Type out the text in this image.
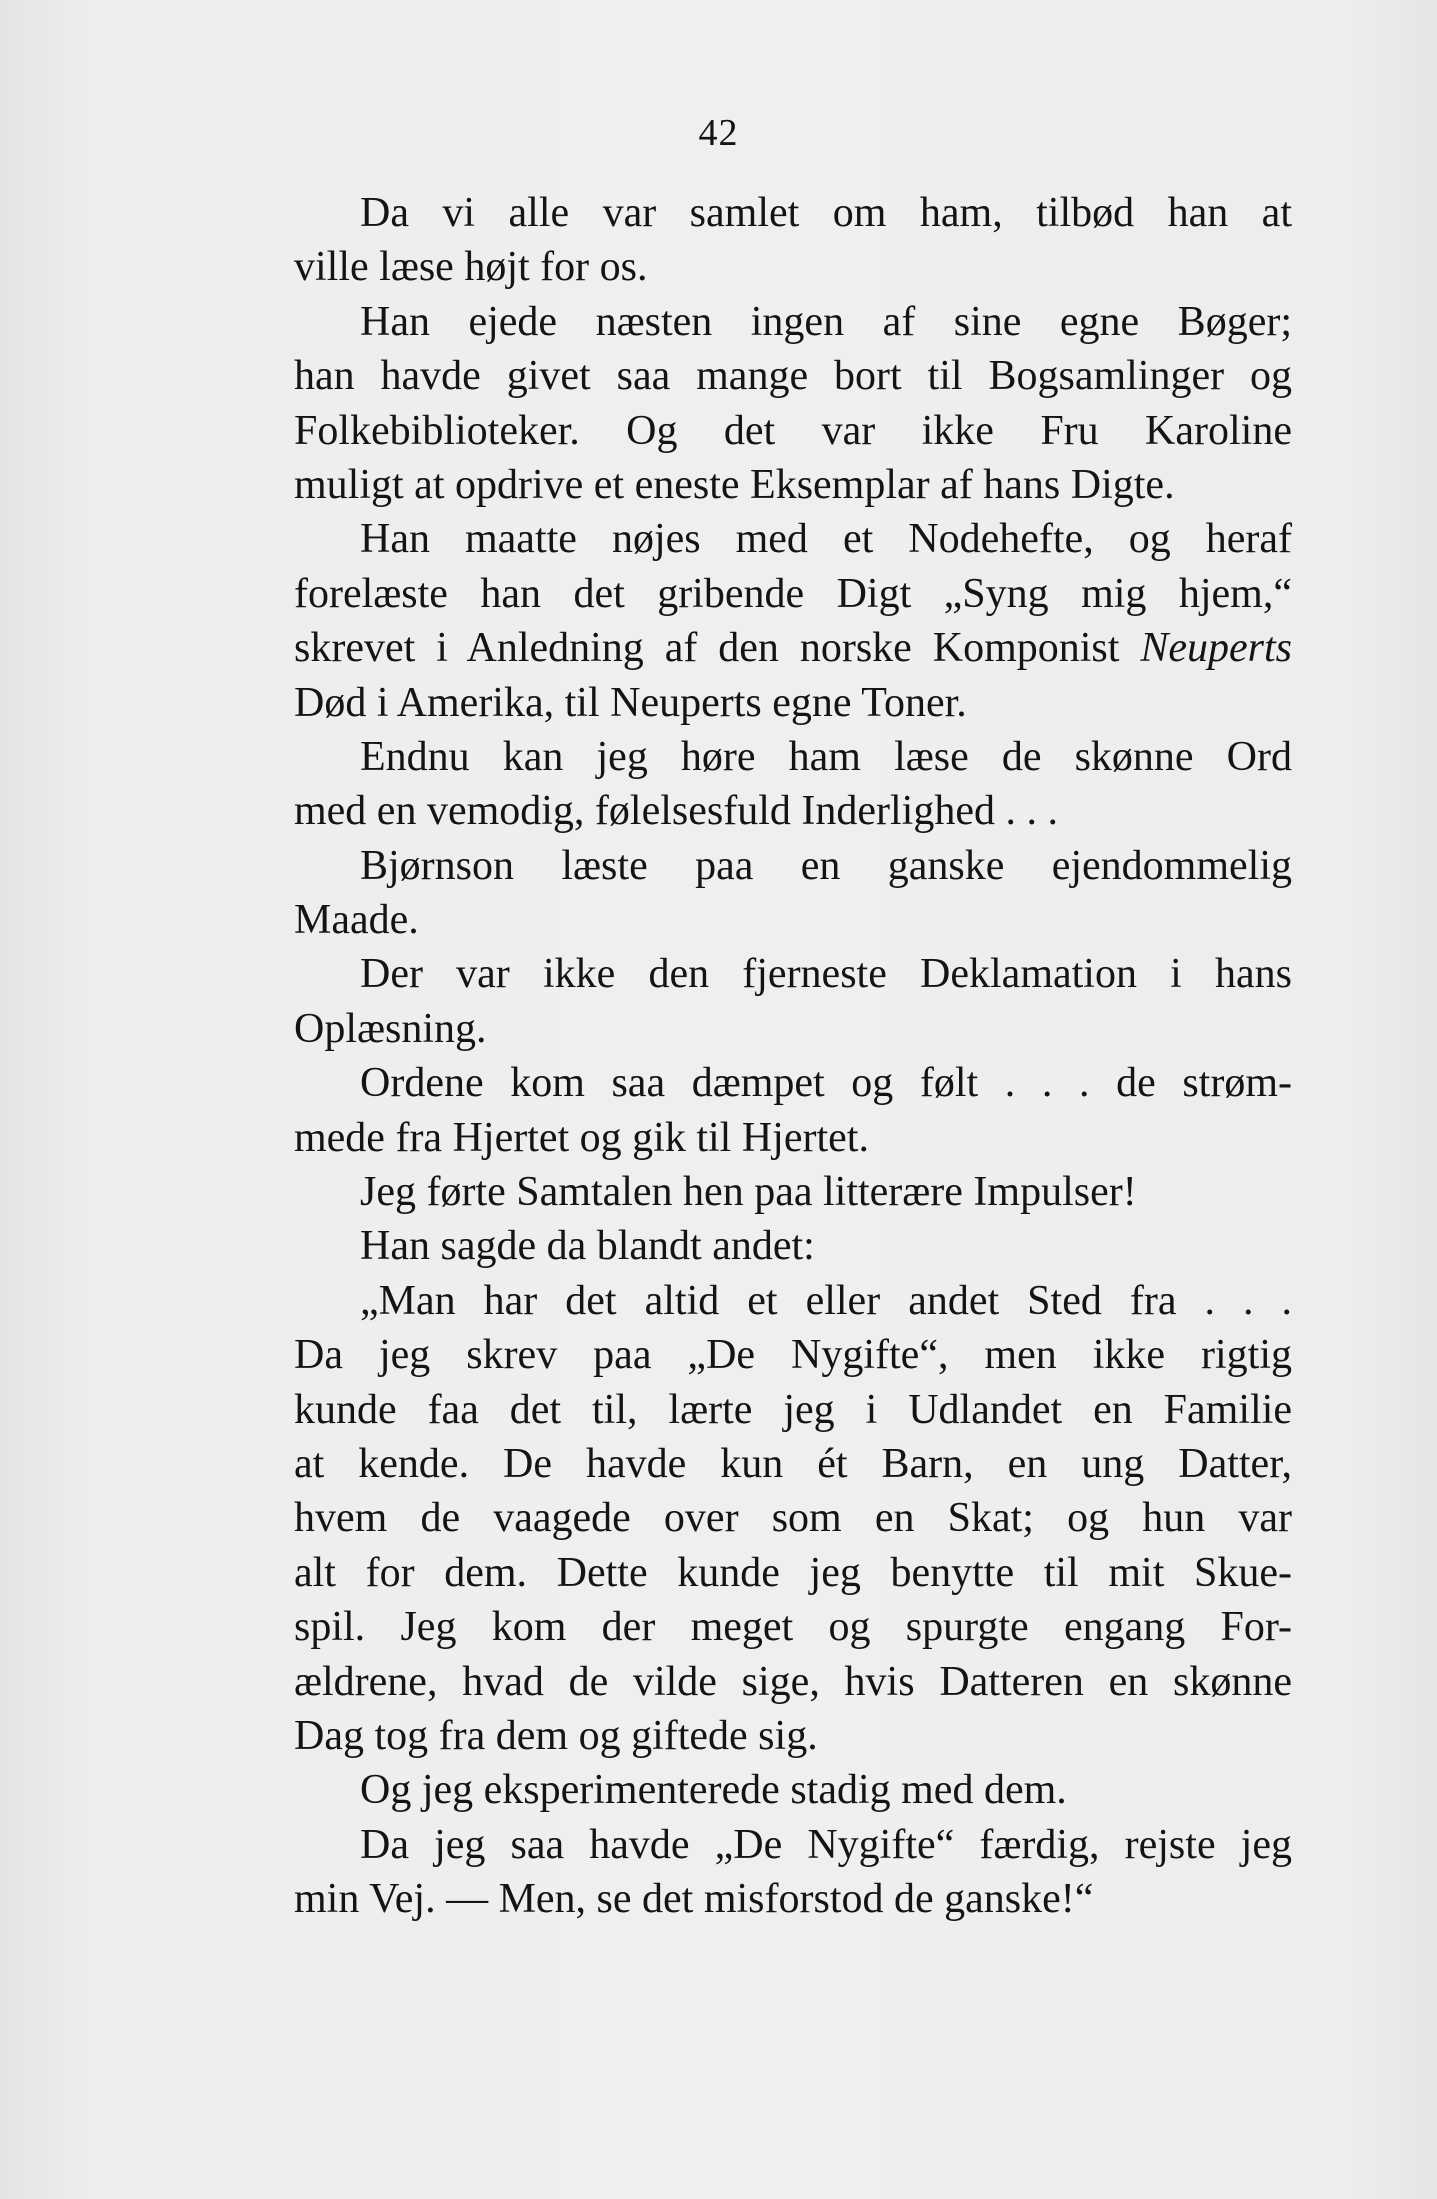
42

Da vi alle var samlet om ham, tilbød han at
ville læse højt for os.

Han ejede næsten ingen af sine egne Bøger;
han havde givet saa mange bort til Bogsamlinger og
Folkebiblioteker. Og det var ikke Fru Karoline
muligt at opdrive et eneste Eksemplar af hans Digte.

Han maatte nøjes med et Nodehefte, og heraf
forelæste han det gribende Digt „Syng mig hjem,“
skrevet i Anledning af den norske Komponist Neuperts
Død i Amerika, til Neuperts egne Toner.

Endnu kan jeg høre ham læse de skønne Ord
med en vemodig, følelsesfuld Inderlighed . . .

Bjørnson læste paa en ganske ejendommelig
Maade.

Der var ikke den fjerneste Deklamation i hans
Oplæsning.

Ordene kom saa dæmpet og følt . . . de strøm-
mede fra Hjertet og gik til Hjertet.

Jeg førte Samtalen hen paa litterære Impulser!

Han sagde da blandt andet:

„Man har det altid et eller andet Sted fra . . .
Da jeg skrev paa „De Nygifte“, men ikke rigtig
kunde faa det til, lærte jeg i Udlandet en Familie
at kende. De havde kun ét Barn, en ung Datter,
hvem de vaagede over som en Skat; og hun var
alt for dem. Dette kunde jeg benytte til mit Skue-
spil. Jeg kom der meget og spurgte engang For-
ældrene, hvad de vilde sige, hvis Datteren en skønne
Dag tog fra dem og giftede sig.

Og jeg eksperimenterede stadig med dem.

Da jeg saa havde „De Nygifte“ færdig, rejste jeg
min Vej. — Men, se det misforstod de ganske!“
